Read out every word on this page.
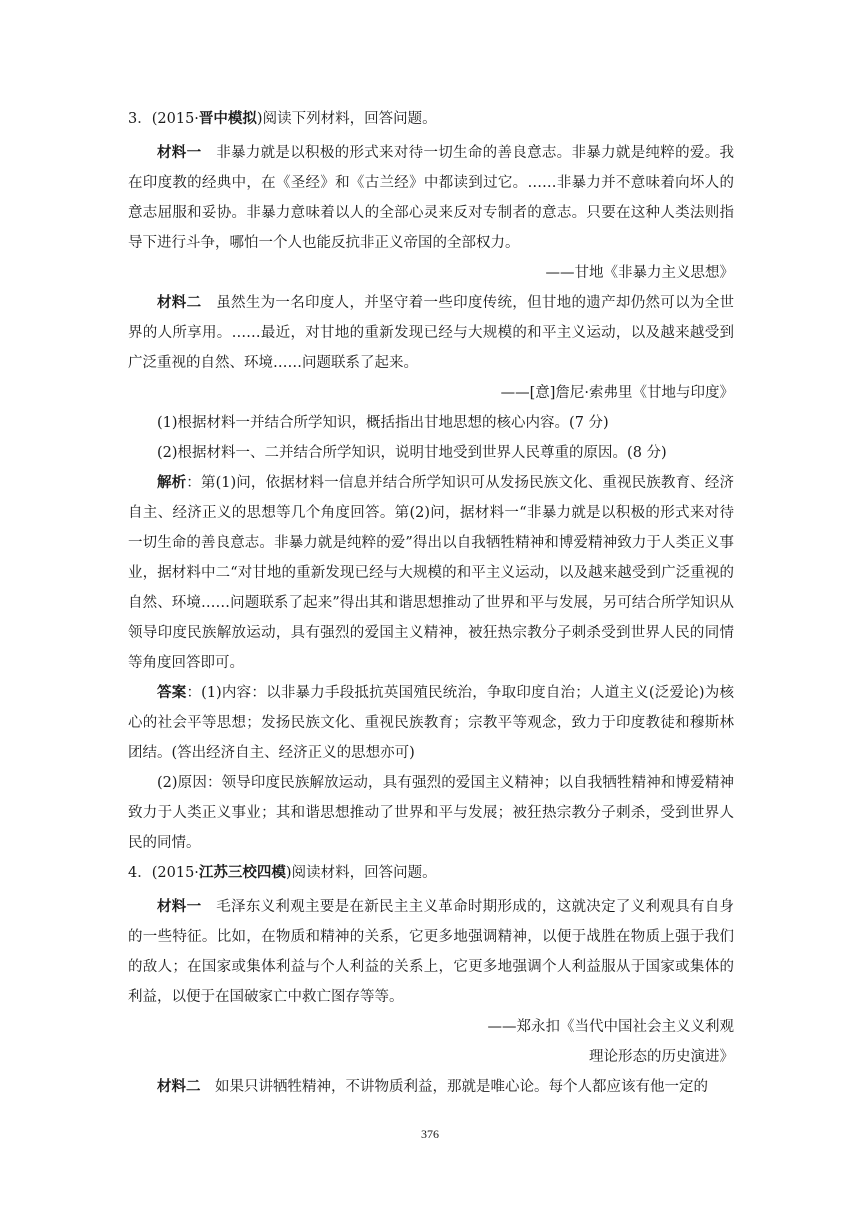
3．(2015·晋中模拟)阅读下列材料，回答问题。

材料一　非暴力就是以积极的形式来对待一切生命的善良意志。非暴力就是纯粹的爱。我在印度教的经典中，在《圣经》和《古兰经》中都读到过它。……非暴力并不意味着向坏人的意志屈服和妥协。非暴力意味着以人的全部心灵来反对专制者的意志。只要在这种人类法则指导下进行斗争，哪怕一个人也能反抗非正义帝国的全部权力。

——甘地《非暴力主义思想》

材料二　虽然生为一名印度人，并坚守着一些印度传统，但甘地的遗产却仍然可以为全世界的人所享用。……最近，对甘地的重新发现已经与大规模的和平主义运动，以及越来越受到广泛重视的自然、环境……问题联系了起来。

——[意]詹尼·索弗里《甘地与印度》

(1)根据材料一并结合所学知识，概括指出甘地思想的核心内容。(7 分)

(2)根据材料一、二并结合所学知识，说明甘地受到世界人民尊重的原因。(8 分)

解析：第(1)问，依据材料一信息并结合所学知识可从发扬民族文化、重视民族教育、经济自主、经济正义的思想等几个角度回答。第(2)问，据材料一“非暴力就是以积极的形式来对待一切生命的善良意志。非暴力就是纯粹的爱”得出以自我牺牲精神和博爱精神致力于人类正义事业，据材料中二“对甘地的重新发现已经与大规模的和平主义运动，以及越来越受到广泛重视的自然、环境……问题联系了起来”得出其和谐思想推动了世界和平与发展，另可结合所学知识从领导印度民族解放运动，具有强烈的爱国主义精神，被狂热宗教分子刺杀受到世界人民的同情等角度回答即可。

答案：(1)内容：以非暴力手段抵抗英国殖民统治，争取印度自治；人道主义(泛爱论)为核心的社会平等思想；发扬民族文化、重视民族教育；宗教平等观念，致力于印度教徒和穆斯林团结。(答出经济自主、经济正义的思想亦可)

(2)原因：领导印度民族解放运动，具有强烈的爱国主义精神；以自我牺牲精神和博爱精神致力于人类正义事业；其和谐思想推动了世界和平与发展；被狂热宗教分子刺杀，受到世界人民的同情。

4．(2015·江苏三校四模)阅读材料，回答问题。

材料一　毛泽东义利观主要是在新民主主义革命时期形成的，这就决定了义利观具有自身的一些特征。比如，在物质和精神的关系，它更多地强调精神，以便于战胜在物质上强于我们的敌人；在国家或集体利益与个人利益的关系上，它更多地强调个人利益服从于国家或集体的利益，以便于在国破家亡中救亡图存等等。

——郑永扣《当代中国社会主义义利观

理论形态的历史演进》

材料二　如果只讲牺牲精神，不讲物质利益，那就是唯心论。每个人都应该有他一定的

376
